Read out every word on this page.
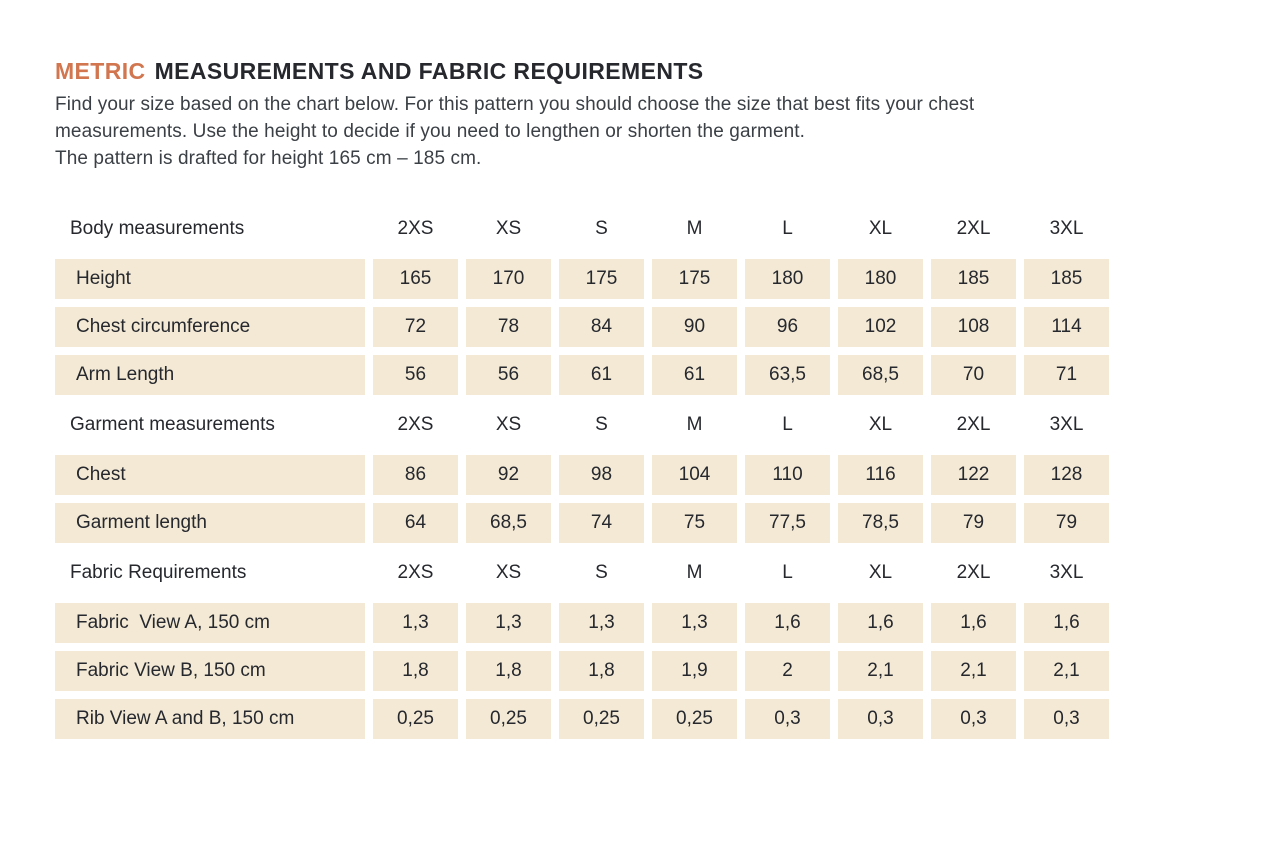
METRIC MEASUREMENTS AND FABRIC REQUIREMENTS
Find your size based on the chart below. For this pattern you should choose the size that best fits your chest
measurements. Use the height to decide if you need to lengthen or shorten the garment.
The pattern is drafted for height 165 cm – 185 cm.
Body measurements	2XS	XS	S	M	L	XL	2XL	3XL
Height	165	170	175	175	180	180	185	185
Chest circumference	72	78	84	90	96	102	108	114
Arm Length	56	56	61	61	63,5	68,5	70	71
Garment measurements	2XS	XS	S	M	L	XL	2XL	3XL
Chest	86	92	98	104	110	116	122	128
Garment length	64	68,5	74	75	77,5	78,5	79	79
Fabric Requirements	2XS	XS	S	M	L	XL	2XL	3XL
Fabric  View A, 150 cm	1,3	1,3	1,3	1,3	1,6	1,6	1,6	1,6
Fabric View B, 150 cm	1,8	1,8	1,8	1,9	2	2,1	2,1	2,1
Rib View A and B, 150 cm	0,25	0,25	0,25	0,25	0,3	0,3	0,3	0,3
